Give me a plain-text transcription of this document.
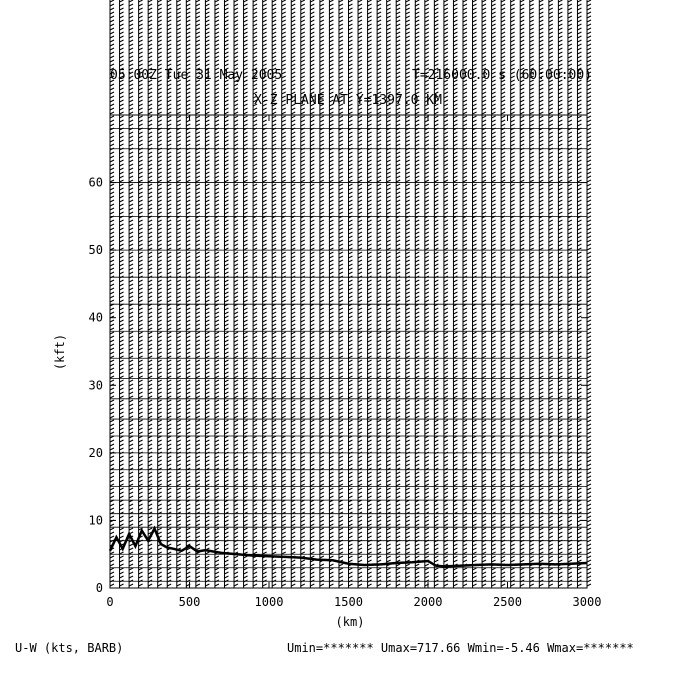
0	500	1000	1500	2000	2500	3000
0
10
20
30
40
50
60
05:00Z Tue 31 May 2005	T=216000.0 s (60:00:00)
X-Z PLANE AT Y=1397.0 KM
(km)
(kft)
U-W (kts, BARB)	Umin=******* Umax=717.66 Wmin=-5.46 Wmax=*******
